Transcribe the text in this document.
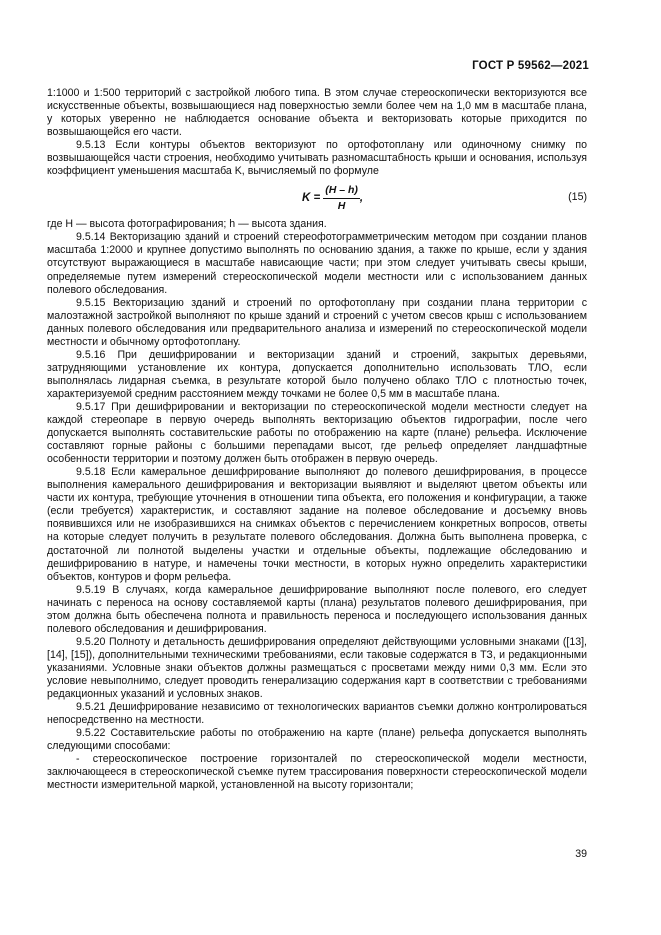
ГОСТ Р 59562—2021

1:1000 и 1:500 территорий с застройкой любого типа. В этом случае стереоскопически векторизуются все искусственные объекты, возвышающиеся над поверхностью земли более чем на 1,0 мм в масштабе плана, у которых уверенно не наблюдается основание объекта и векторизовать которые приходится по возвышающейся его части.

9.5.13 Если контуры объектов векторизуют по ортофотоплану или одиночному снимку по возвышающейся части строения, необходимо учитывать разномасштабность крыши и основания, используя коэффициент уменьшения масштаба K, вычисляемый по формуле

$K = \frac{(H - h)}{H}$ ,	(15)

где H — высота фотографирования; h — высота здания.

9.5.14 Векторизацию зданий и строений стереофотограмметрическим методом при создании планов масштаба 1:2000 и крупнее допустимо выполнять по основанию здания, а также по крыше, если у здания отсутствуют выражающиеся в масштабе нависающие части; при этом следует учитывать свесы крыши, определяемые путем измерений стереоскопической модели местности или с использованием данных полевого обследования.

9.5.15 Векторизацию зданий и строений по ортофотоплану при создании плана территории с малоэтажной застройкой выполняют по крыше зданий и строений с учетом свесов крыш с использованием данных полевого обследования или предварительного анализа и измерений по стереоскопической модели местности и обычному ортофотоплану.

9.5.16 При дешифрировании и векторизации зданий и строений, закрытых деревьями, затрудняющими установление их контура, допускается дополнительно использовать ТЛО, если выполнялась лидарная съемка, в результате которой было получено облако ТЛО с плотностью точек, характеризуемой средним расстоянием между точками не более 0,5 мм в масштабе плана.

9.5.17 При дешифрировании и векторизации по стереоскопической модели местности следует на каждой стереопаре в первую очередь выполнять векторизацию объектов гидрографии, после чего допускается выполнять составительские работы по отображению на карте (плане) рельефа. Исключение составляют горные районы с большими перепадами высот, где рельеф определяет ландшафтные особенности территории и поэтому должен быть отображен в первую очередь.

9.5.18 Если камеральное дешифрирование выполняют до полевого дешифрирования, в процессе выполнения камерального дешифрирования и векторизации выявляют и выделяют цветом объекты или части их контура, требующие уточнения в отношении типа объекта, его положения и конфигурации, а также (если требуется) характеристик, и составляют задание на полевое обследование и досъемку вновь появившихся или не изобразившихся на снимках объектов с перечислением конкретных вопросов, ответы на которые следует получить в результате полевого обследования. Должна быть выполнена проверка, с достаточной ли полнотой выделены участки и отдельные объекты, подлежащие обследованию и дешифрированию в натуре, и намечены точки местности, в которых нужно определить характеристики объектов, контуров и форм рельефа.

9.5.19 В случаях, когда камеральное дешифрирование выполняют после полевого, его следует начинать с переноса на основу составляемой карты (плана) результатов полевого дешифрирования, при этом должна быть обеспечена полнота и правильность переноса и последующего использования данных полевого обследования и дешифрирования.

9.5.20 Полноту и детальность дешифрирования определяют действующими условными знаками ([13], [14], [15]), дополнительными техническими требованиями, если таковые содержатся в ТЗ, и редакционными указаниями. Условные знаки объектов должны размещаться с просветами между ними 0,3 мм. Если это условие невыполнимо, следует проводить генерализацию содержания карт в соответствии с требованиями редакционных указаний и условных знаков.

9.5.21 Дешифрирование независимо от технологических вариантов съемки должно контролироваться непосредственно на местности.

9.5.22 Составительские работы по отображению на карте (плане) рельефа допускается выполнять следующими способами:

- стереоскопическое построение горизонталей по стереоскопической модели местности, заключающееся в стереоскопической съемке путем трассирования поверхности стереоскопической модели местности измерительной маркой, установленной на высоту горизонтали;

39
